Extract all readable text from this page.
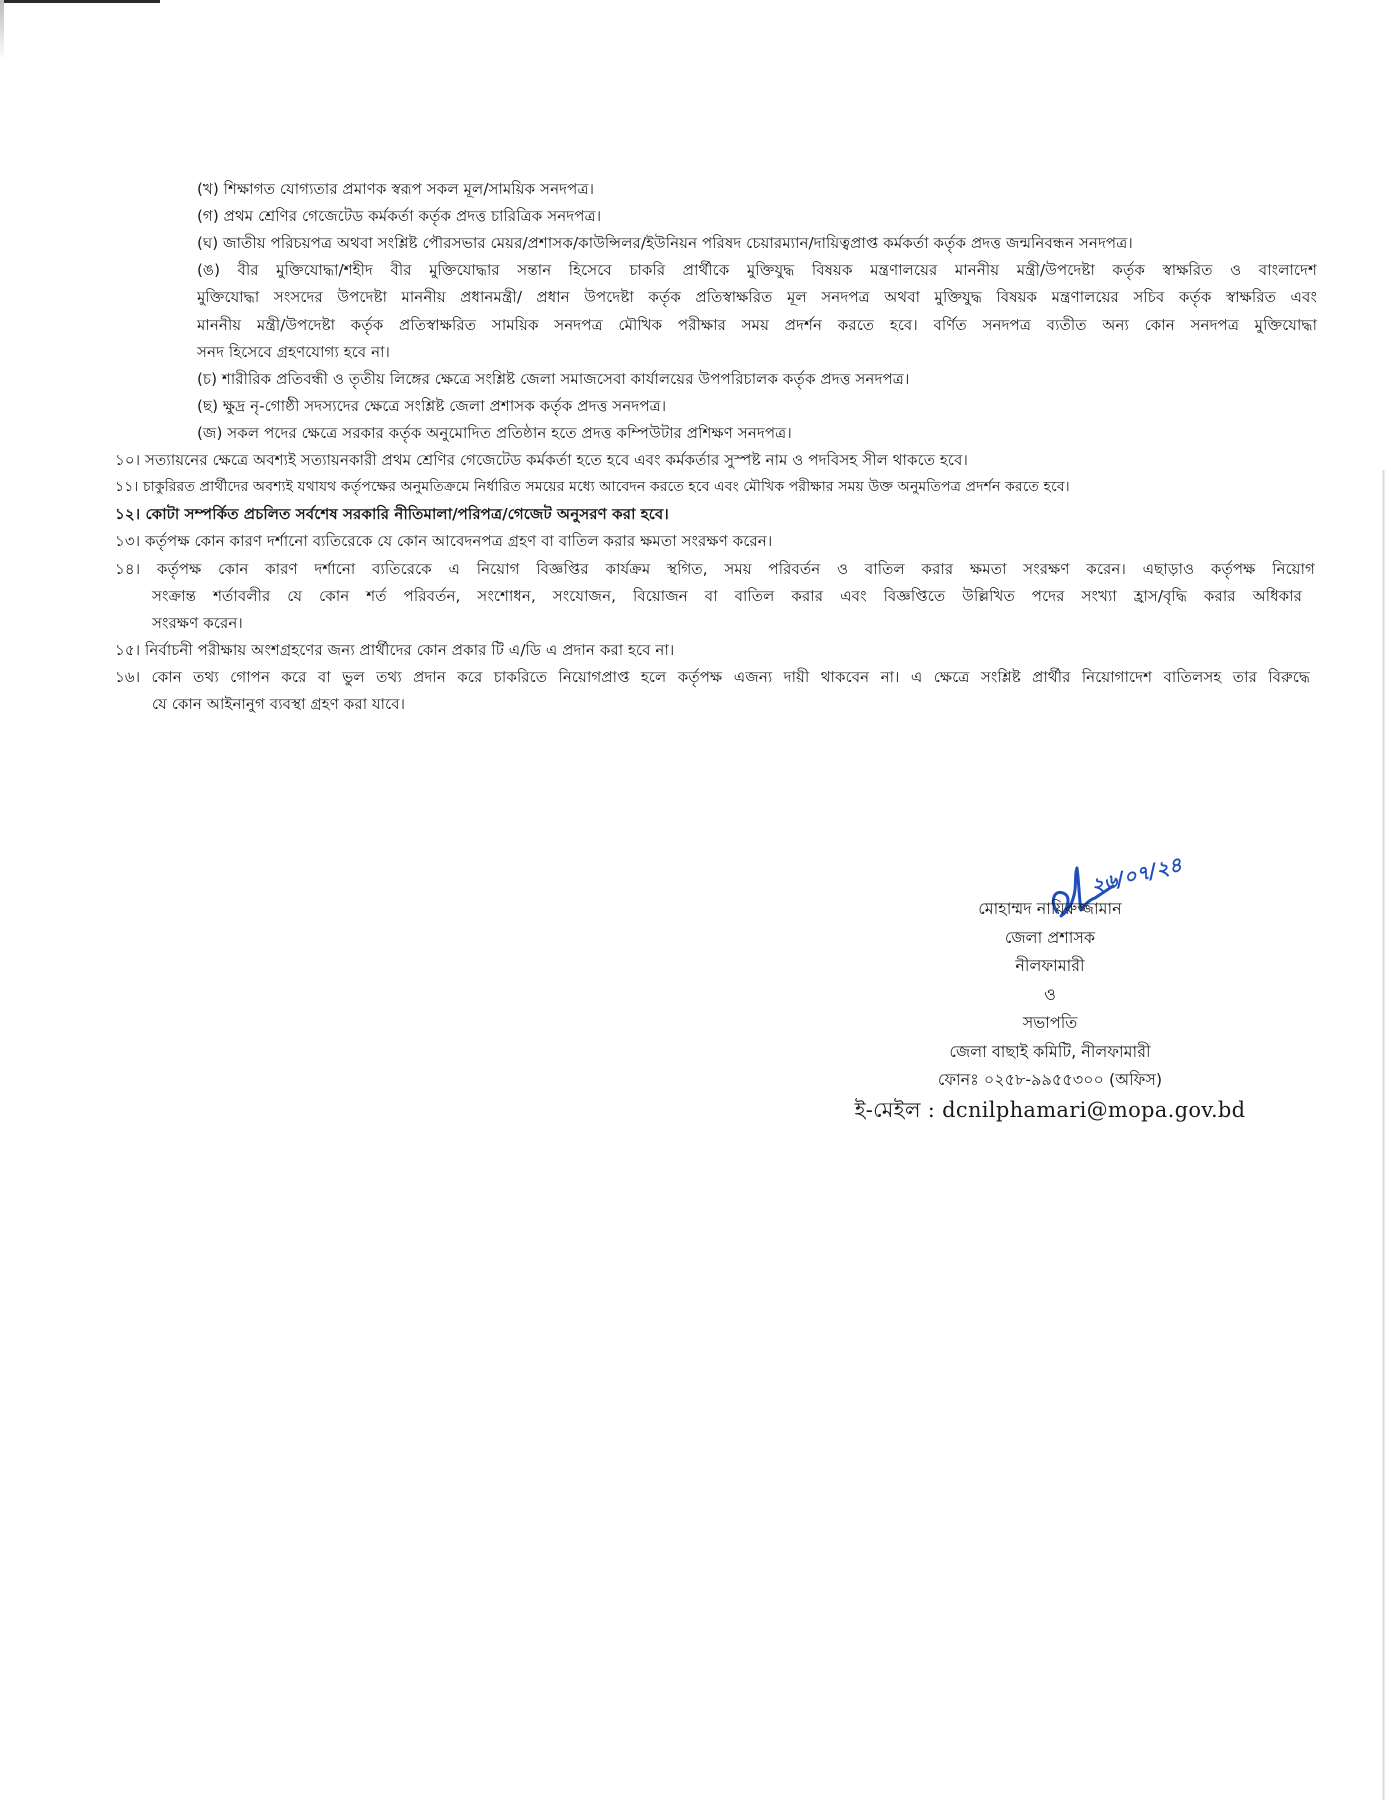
(খ) শিক্ষাগত যোগ্যতার প্রমাণক স্বরূপ সকল মূল/সাময়িক সনদপত্র।
(গ) প্রথম শ্রেণির গেজেটেড কর্মকর্তা কর্তৃক প্রদত্ত চারিত্রিক সনদপত্র।
(ঘ) জাতীয় পরিচয়পত্র অথবা সংশ্লিষ্ট পৌরসভার মেয়র/প্রশাসক/কাউন্সিলর/ইউনিয়ন পরিষদ চেয়ারম্যান/দায়িত্বপ্রাপ্ত কর্মকর্তা কর্তৃক প্রদত্ত জন্মনিবন্ধন সনদপত্র।
(ঙ) বীর মুক্তিযোদ্ধা/শহীদ বীর মুক্তিযোদ্ধার সন্তান হিসেবে চাকরি প্রার্থীকে মুক্তিযুদ্ধ বিষয়ক মন্ত্রণালয়ের মাননীয় মন্ত্রী/উপদেষ্টা কর্তৃক স্বাক্ষরিত ও বাংলাদেশ
মুক্তিযোদ্ধা সংসদের উপদেষ্টা মাননীয় প্রধানমন্ত্রী/ প্রধান উপদেষ্টা কর্তৃক প্রতিস্বাক্ষরিত মূল সনদপত্র অথবা মুক্তিযুদ্ধ বিষয়ক মন্ত্রণালয়ের সচিব কর্তৃক স্বাক্ষরিত এবং
মাননীয় মন্ত্রী/উপদেষ্টা কর্তৃক প্রতিস্বাক্ষরিত সাময়িক সনদপত্র মৌখিক পরীক্ষার সময় প্রদর্শন করতে হবে। বর্ণিত সনদপত্র ব্যতীত অন্য কোন সনদপত্র মুক্তিযোদ্ধা
সনদ হিসেবে গ্রহণযোগ্য হবে না।
(চ) শারীরিক প্রতিবন্ধী ও তৃতীয় লিঙ্গের ক্ষেত্রে সংশ্লিষ্ট জেলা সমাজসেবা কার্যালয়ের উপপরিচালক কর্তৃক প্রদত্ত সনদপত্র।
(ছ) ক্ষুদ্র নৃ-গোষ্ঠী সদস্যদের ক্ষেত্রে সংশ্লিষ্ট জেলা প্রশাসক কর্তৃক প্রদত্ত সনদপত্র।
(জ) সকল পদের ক্ষেত্রে সরকার কর্তৃক অনুমোদিত প্রতিষ্ঠান হতে প্রদত্ত কম্পিউটার প্রশিক্ষণ সনদপত্র।
১০। সত্যায়নের ক্ষেত্রে অবশ্যই সত্যায়নকারী প্রথম শ্রেণির গেজেটেড কর্মকর্তা হতে হবে এবং কর্মকর্তার সুস্পষ্ট নাম ও পদবিসহ সীল থাকতে হবে।
১১। চাকুরিরত প্রার্থীদের অবশ্যই যথাযথ কর্তৃপক্ষের অনুমতিক্রমে নির্ধারিত সময়ের মধ্যে আবেদন করতে হবে এবং মৌখিক পরীক্ষার সময় উক্ত অনুমতিপত্র প্রদর্শন করতে হবে।
১২। কোটা সম্পর্কিত প্রচলিত সর্বশেষ সরকারি নীতিমালা/পরিপত্র/গেজেট অনুসরণ করা হবে।
১৩। কর্তৃপক্ষ কোন কারণ দর্শানো ব্যতিরেকে যে কোন আবেদনপত্র গ্রহণ বা বাতিল করার ক্ষমতা সংরক্ষণ করেন।
১৪। কর্তৃপক্ষ কোন কারণ দর্শানো ব্যতিরেকে এ নিয়োগ বিজ্ঞপ্তির কার্যক্রম স্থগিত, সময় পরিবর্তন ও বাতিল করার ক্ষমতা সংরক্ষণ করেন। এছাড়াও কর্তৃপক্ষ নিয়োগ
সংক্রান্ত শর্তাবলীর যে কোন শর্ত পরিবর্তন, সংশোধন, সংযোজন, বিয়োজন বা বাতিল করার এবং বিজ্ঞপ্তিতে উল্লিখিত পদের সংখ্যা হ্রাস/বৃদ্ধি করার অধিকার
সংরক্ষণ করেন।
১৫। নির্বাচনী পরীক্ষায় অংশগ্রহণের জন্য প্রার্থীদের কোন প্রকার টি এ/ডি এ প্রদান করা হবে না।
১৬। কোন তথ্য গোপন করে বা ভুল তথ্য প্রদান করে চাকরিতে নিয়োগপ্রাপ্ত হলে কর্তৃপক্ষ এজন্য দায়ী থাকবেন না। এ ক্ষেত্রে সংশ্লিষ্ট প্রার্থীর নিয়োগাদেশ বাতিলসহ তার বিরুদ্ধে
যে কোন আইনানুগ ব্যবস্থা গ্রহণ করা যাবে।
২৬/০৭/২৪
মোহাম্মদ নায়িরুজ্জামান
জেলা প্রশাসক
নীলফামারী
ও
সভাপতি
জেলা বাছাই কমিটি, নীলফামারী
ফোনঃ ০২৫৮-৯৯৫৫৩০০ (অফিস)
ই-মেইল : dcnilphamari@mopa.gov.bd
